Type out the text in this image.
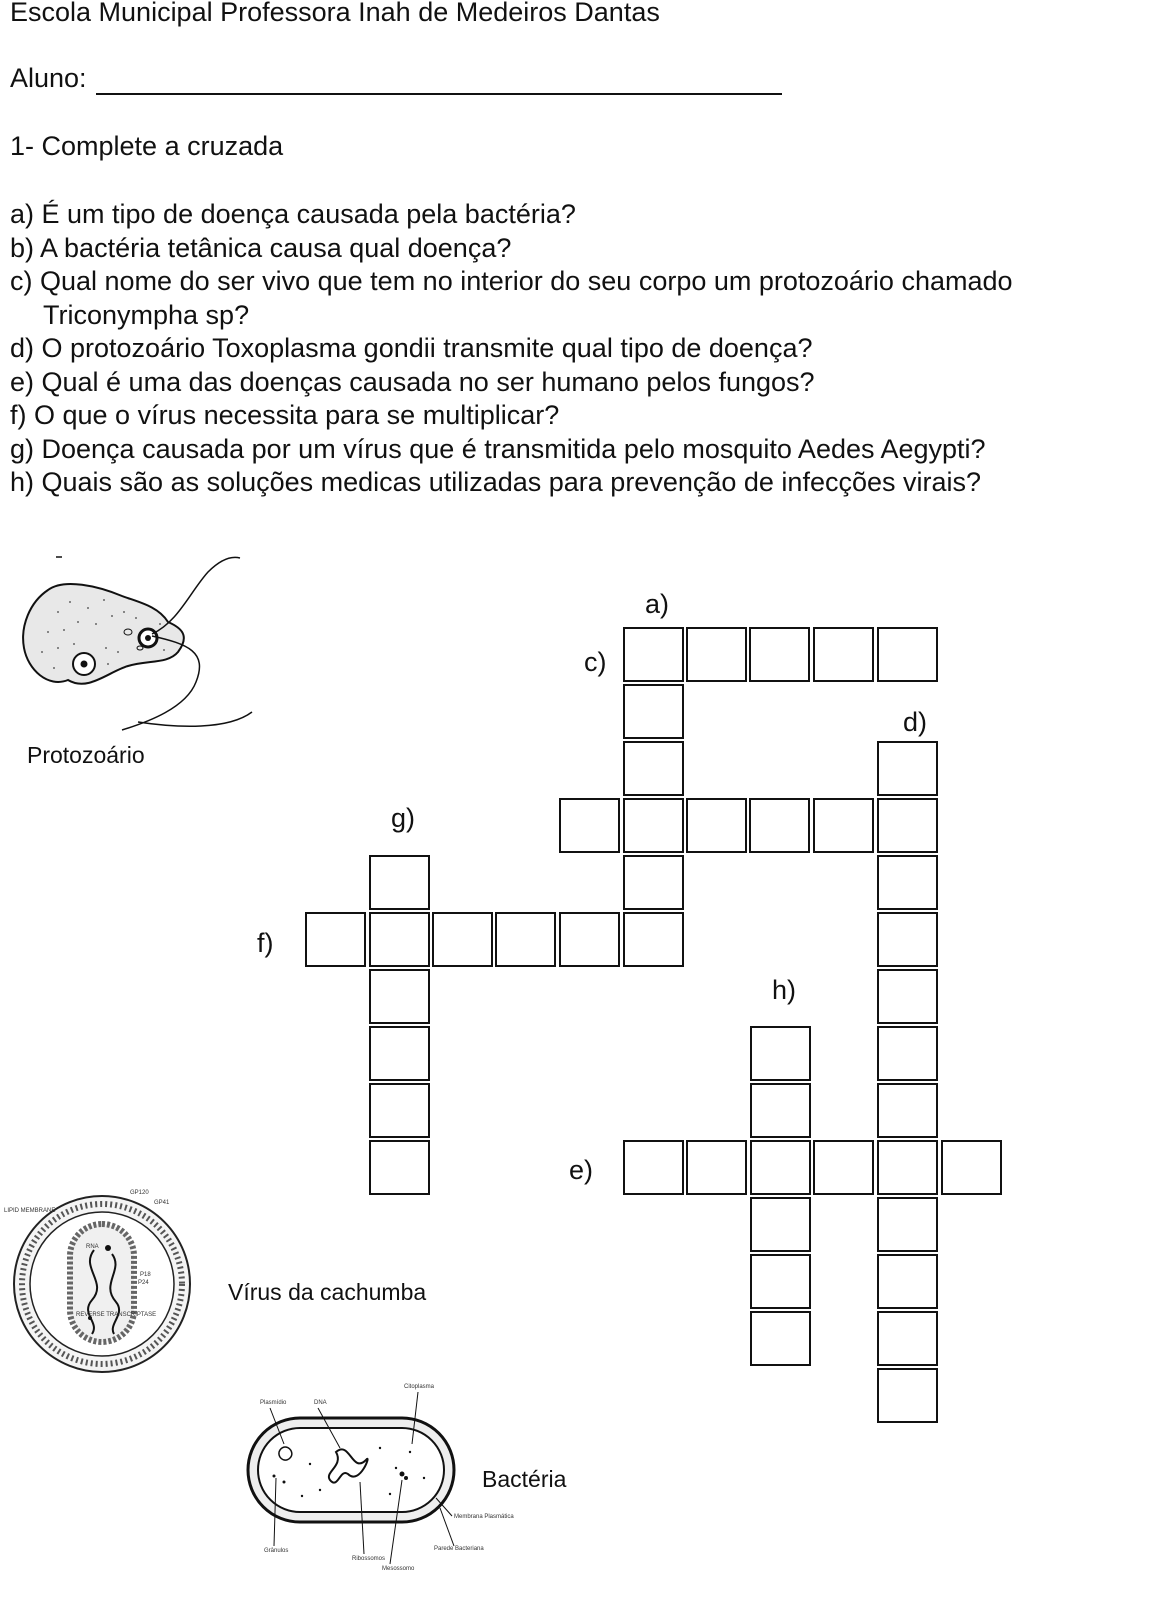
Escola Municipal Professora Inah de Medeiros Dantas
Aluno:
1- Complete a cruzada
a) É um tipo de doença causada pela bactéria?
b) A bactéria tetânica causa qual doença?
c) Qual nome do ser vivo que tem no interior do seu corpo um protozoário chamado
Triconympha sp?
d) O protozoário Toxoplasma gondii transmite qual tipo de doença?
e) Qual é uma das doenças causada no ser humano pelos fungos?
f) O que o vírus necessita para se multiplicar?
g) Doença causada por um vírus que é transmitida pelo mosquito Aedes Aegypti?
h) Quais são as soluções medicas utilizadas para prevenção de infecções virais?
Protozoário
a)
c)
d)
g)
f)
h)
e)
LIPID MEMBRANE
GP120
GP41
RNA
P18
P24
REVERSE TRANSCRIPTASE
Vírus da cachumba
Plasmídio	DNA
Citoplasma
Membrana Plasmática
Grânulos
Ribossomos
Parede Bacteriana
Mesossomo
Bactéria
